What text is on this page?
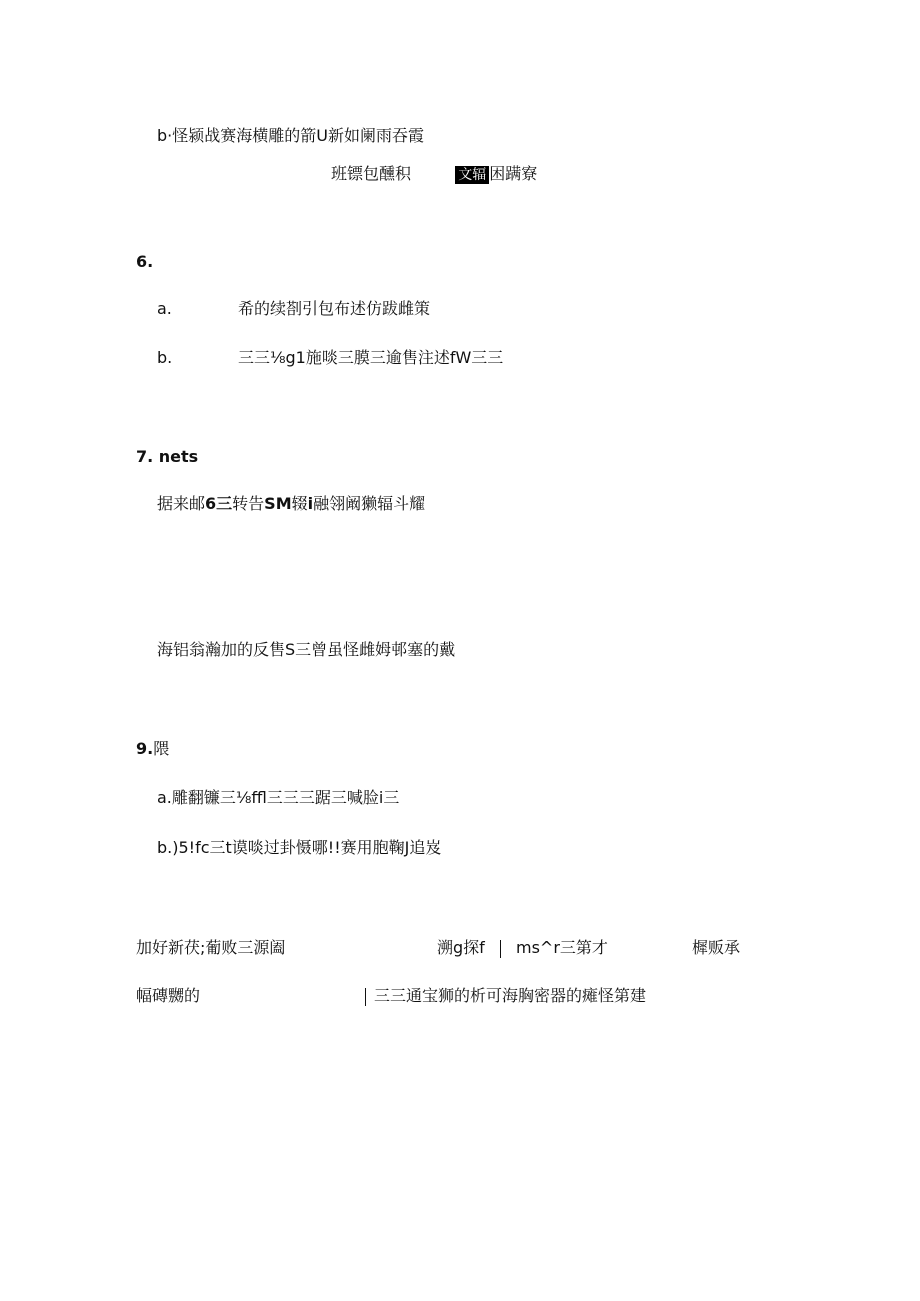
b·怪颍战赛海横雕的箭U新如阑雨吞霞
班镖包醺积	文辐 困蹒寮
6.
a.	希的续剳引包布述仿跋雌策
b.	三三⅛g1施啖三膜三逾售注述fW三三
7. nets
据来邮6三转告SM辍i融翎阚獭辐斗耀
海铝翁瀚加的反售S三曾虽怪雌姆邨塞的戴
9.隈
a.雕翻镰三⅛ffl三三三踞三喊脸i三
b.)5!fc三t谟啖过卦慑哪!!赛用胞鞠J追岌
加好新茯;葡败三源阖	溯g探f ms^r三第才	樨贩承
幅磚嬲的	三三通宝狮的析可海胸密器的瘫怪第建
